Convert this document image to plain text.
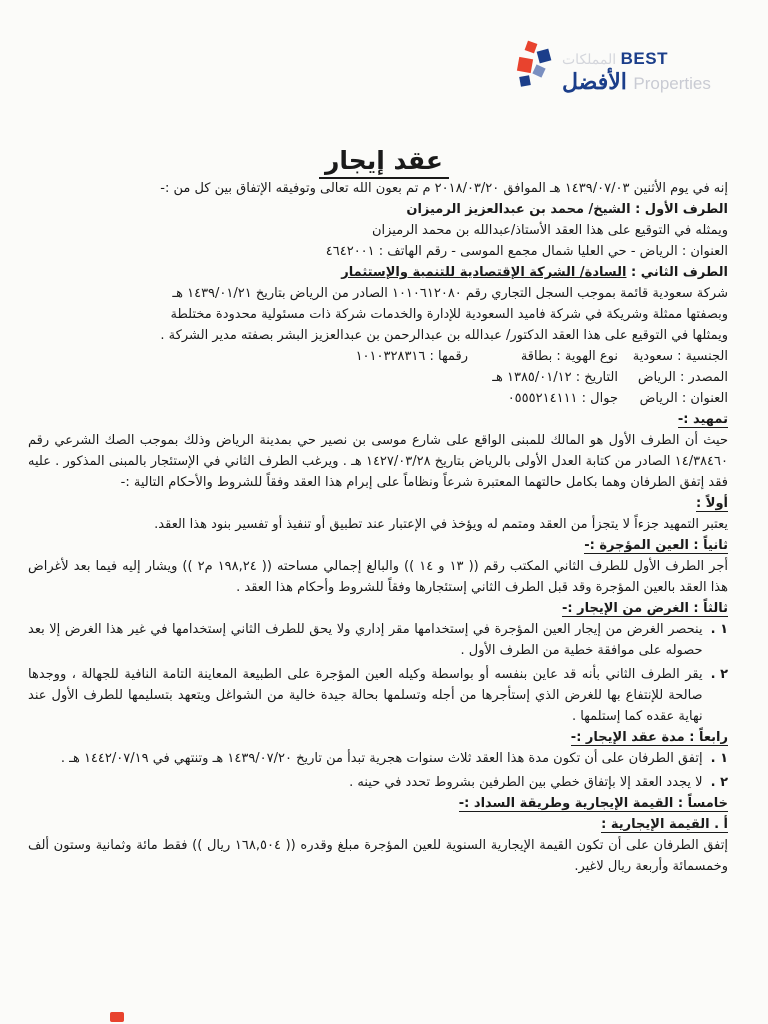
المملكات BEST
الأفضل Properties
عقد إيجار

إنه في يوم الأثنين ١٤٣٩/٠٧/٠٣ هـ الموافق ٢٠١٨/٠٣/٢٠ م تم بعون الله تعالى وتوفيقه الإتفاق بين كل من :-

الطرف الأول : الشيخ/ محمد بن عبدالعزيز الرميزان

ويمثله في التوقيع على هذا العقد الأستاذ/عبدالله بن محمد الرميزان

العنوان : الرياض - حي العليا شمال مجمع الموسى - رقم الهاتف : ٤٦٤٢٠٠١

الطرف الثاني : السادة/ الشركة الإقتصادية للتنمية والإستثمار

شركة سعودية قائمة بموجب السجل التجاري رقم ١٠١٠٦١٢٠٨٠ الصادر من الرياض بتاريخ ١٤٣٩/٠١/٢١ هـ

وبصفتها ممثلة وشريكة في شركة فاميد السعودية للإدارة والخدمات شركة ذات مسئولية محدودة مختلطة

ويمثلها في التوقيع على هذا العقد الدكتور/ عبدالله بن عبدالرحمن بن عبدالعزيز البشر بصفته مدير الشركة .

الجنسية : سعودية
نوع الهوية : بطاقة
رقمها : ١٠١٠٣٢٨٣١٦
المصدر : الرياض
التاريخ : ١٣٨٥/٠١/١٢ هـ
العنوان : الرياض
جوال : ٠٥٥٥٢١٤١١١

تمهيد :-

حيث أن الطرف الأول هو المالك للمبنى الواقع على شارع موسى بن نصير حي بمدينة الرياض وذلك بموجب الصك الشرعي رقم ١٤/٣٨٤٦٠ الصادر من كتابة العدل الأولى بالرياض بتاريخ ١٤٢٧/٠٣/٢٨ هـ . ويرغب الطرف الثاني في الإستئجار بالمبنى المذكور . عليه فقد إتفق الطرفان وهما بكامل حالتهما المعتبرة شرعاً ونظاماً على إبرام هذا العقد وفقاً للشروط والأحكام التالية :-

أولاً :

يعتبر التمهيد جزءاً لا يتجزأ من العقد ومتمم له ويؤخذ في الإعتبار عند تطبيق أو تنفيذ أو تفسير بنود هذا العقد.

ثانياً : العين المؤجرة :-

أجر الطرف الأول للطرف الثاني المكتب رقم (( ١٣ و ١٤ )) والبالغ إجمالي مساحته (( ١٩٨,٢٤ م٢ )) ويشار إليه فيما بعد لأغراض هذا العقد بالعين المؤجرة وقد قبل الطرف الثاني إستئجارها وفقاً للشروط وأحكام هذا العقد .

ثالثاً : الغرض من الإيجار :-

١ .
ينحصر الغرض من إيجار العين المؤجرة في إستخدامها مقر إداري ولا يحق للطرف الثاني إستخدامها في غير هذا الغرض إلا بعد حصوله على موافقة خطية من الطرف الأول .
٢ .
يقر الطرف الثاني بأنه قد عاين بنفسه أو بواسطة وكيله العين المؤجرة على الطبيعة المعاينة التامة النافية للجهالة ، ووجدها صالحة للإنتفاع بها للغرض الذي إستأجرها من أجله وتسلمها بحالة جيدة خالية من الشواغل ويتعهد بتسليمها للطرف الأول عند نهاية عقده كما إستلمها .

رابعاً : مدة عقد الإيجار :-

١ .
إتفق الطرفان على أن تكون مدة هذا العقد ثلاث سنوات هجرية تبدأ من تاريخ ١٤٣٩/٠٧/٢٠ هـ وتنتهي في ١٤٤٢/٠٧/١٩ هـ .
٢ .
لا يجدد العقد إلا بإتفاق خطي بين الطرفين بشروط تحدد في حينه .

خامساً : القيمة الإيجارية وطريقة السداد :-

أ . القيمة الإيجارية :

إتفق الطرفان على أن تكون القيمة الإيجارية السنوية للعين المؤجرة مبلغ وقدره (( ١٦٨,٥٠٤ ريال )) فقط مائة وثمانية وستون ألف وخمسمائة وأربعة ريال لاغير.
